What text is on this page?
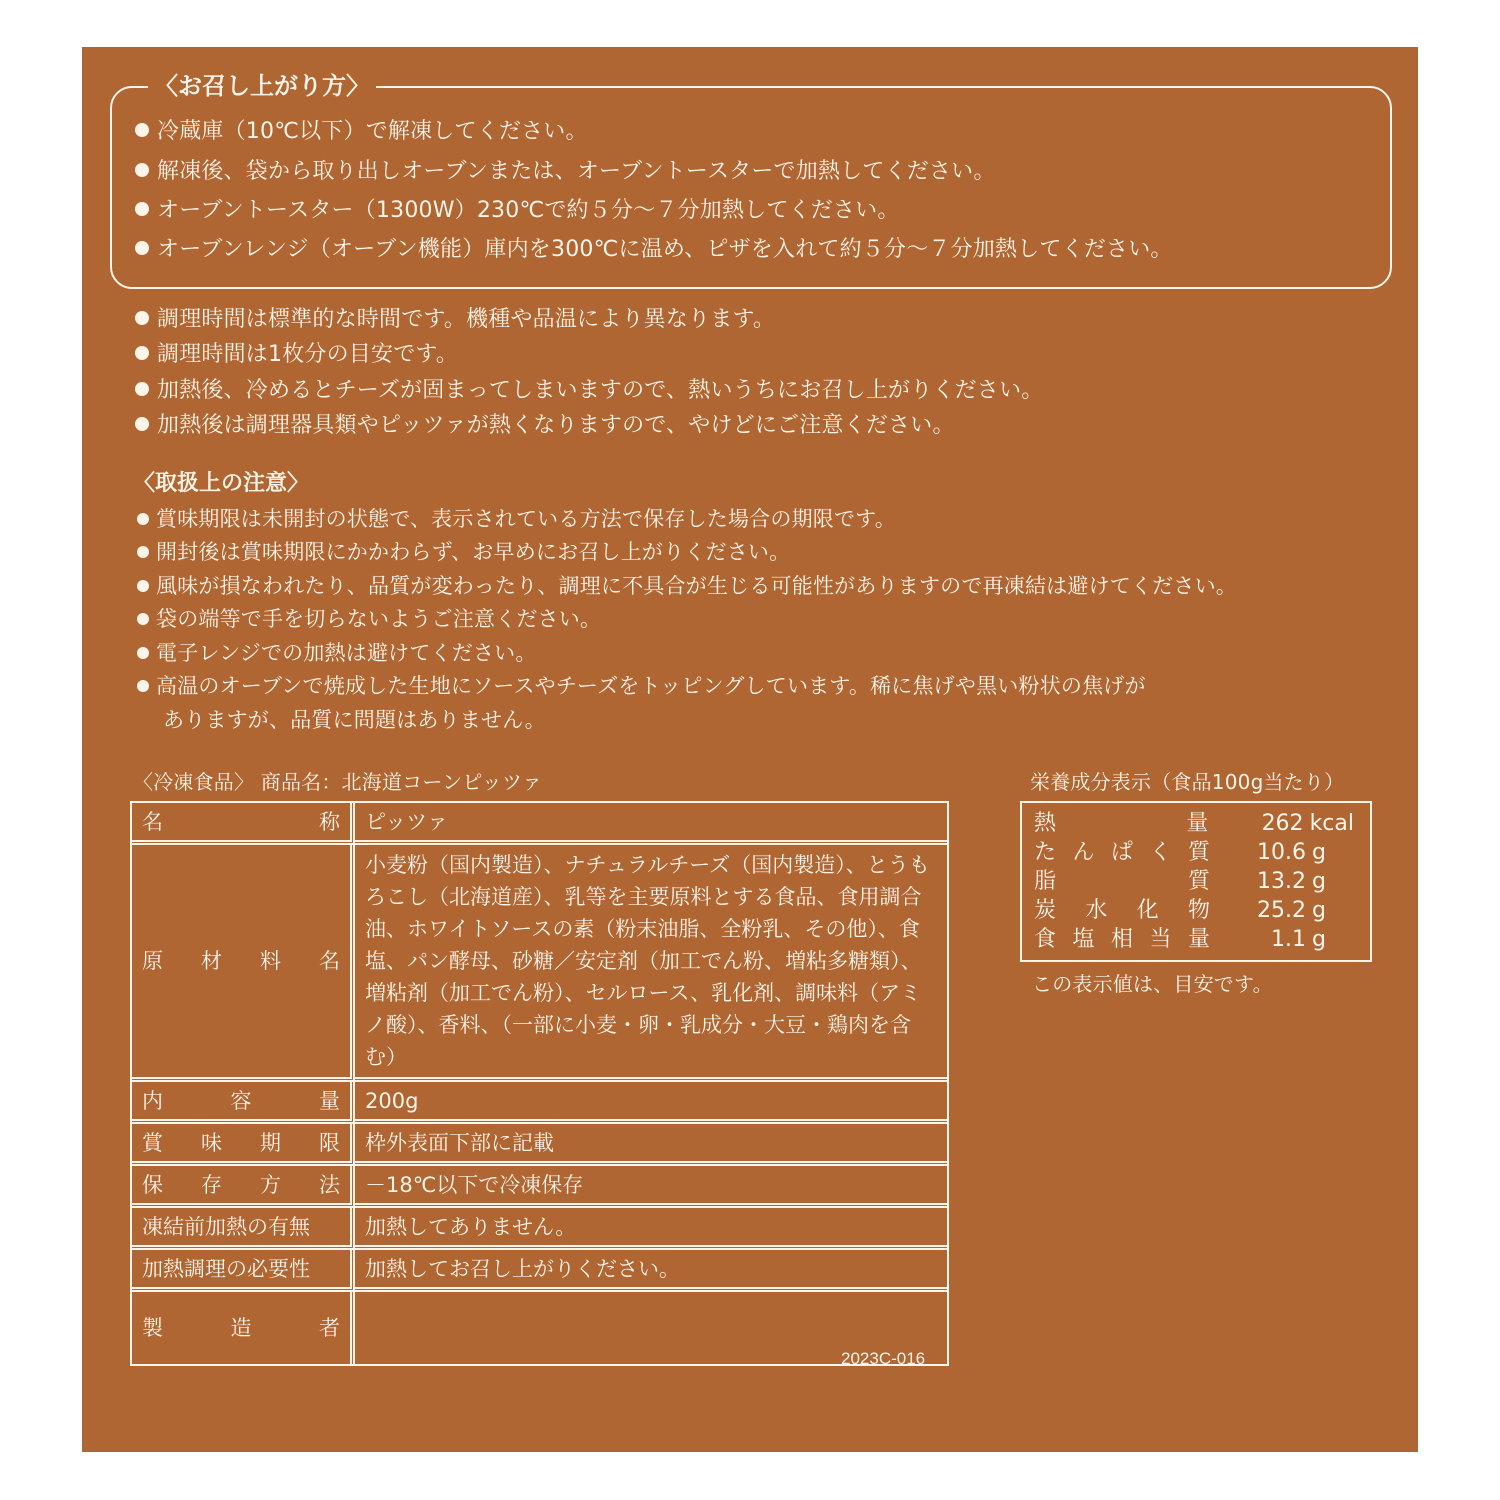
〈お召し上がり方〉
冷蔵庫（10℃以下）で解凍してください。
解凍後、袋から取り出しオーブンまたは、オーブントースターで加熱してください。
オーブントースター（1300W）230℃で約５分～７分加熱してください。
オーブンレンジ（オーブン機能）庫内を300℃に温め、ピザを入れて約５分～７分加熱してください。
調理時間は標準的な時間です。機種や品温により異なります。
調理時間は1枚分の目安です。
加熱後、冷めるとチーズが固まってしまいますので、熱いうちにお召し上がりください。
加熱後は調理器具類やピッツァが熱くなりますので、やけどにご注意ください。
〈取扱上の注意〉
賞味期限は未開封の状態で、表示されている方法で保存した場合の期限です。
開封後は賞味期限にかかわらず、お早めにお召し上がりください。
風味が損なわれたり、品質が変わったり、調理に不具合が生じる可能性がありますので再凍結は避けてください。
袋の端等で手を切らないようご注意ください。
電子レンジでの加熱は避けてください。
高温のオーブンで焼成した生地にソースやチーズをトッピングしています。稀に焦げや黒い粉状の焦げが
ありますが、品質に問題はありません。
〈冷凍食品〉 商品名：北海道コーンピッツァ
名 称	ピッツァ

原 材 料 名	小麦粉（国内製造）、ナチュラルチーズ（国内製造）、とうもろこし（北海道産）、乳等を主要原料とする食品、食用調合油、ホワイトソースの素（粉末油脂、全粉乳、その他）、食塩、パン酵母、砂糖／安定剤（加工でん粉、増粘多糖類）、増粘剤（加工でん粉）、セルロース、乳化剤、調味料（アミノ酸）、香料、（一部に小麦・卵・乳成分・大豆・鶏肉を含む）

内 容 量	200g

賞 味 期 限	枠外表面下部に記載

保 存 方 法	－18℃以下で冷凍保存

凍結前加熱の有無	加熱してありません。

加熱調理の必要性	加熱してお召し上がりください。

製 造 者	

2023C-016
栄養成分表示（食品100g当たり）
熱	量	262 kcal
た ん ぱ く 質	10.6 g
脂	質	13.2 g
炭 水 化 物	25.2 g
食 塩 相 当 量	1.1 g
この表示値は、目安です。
